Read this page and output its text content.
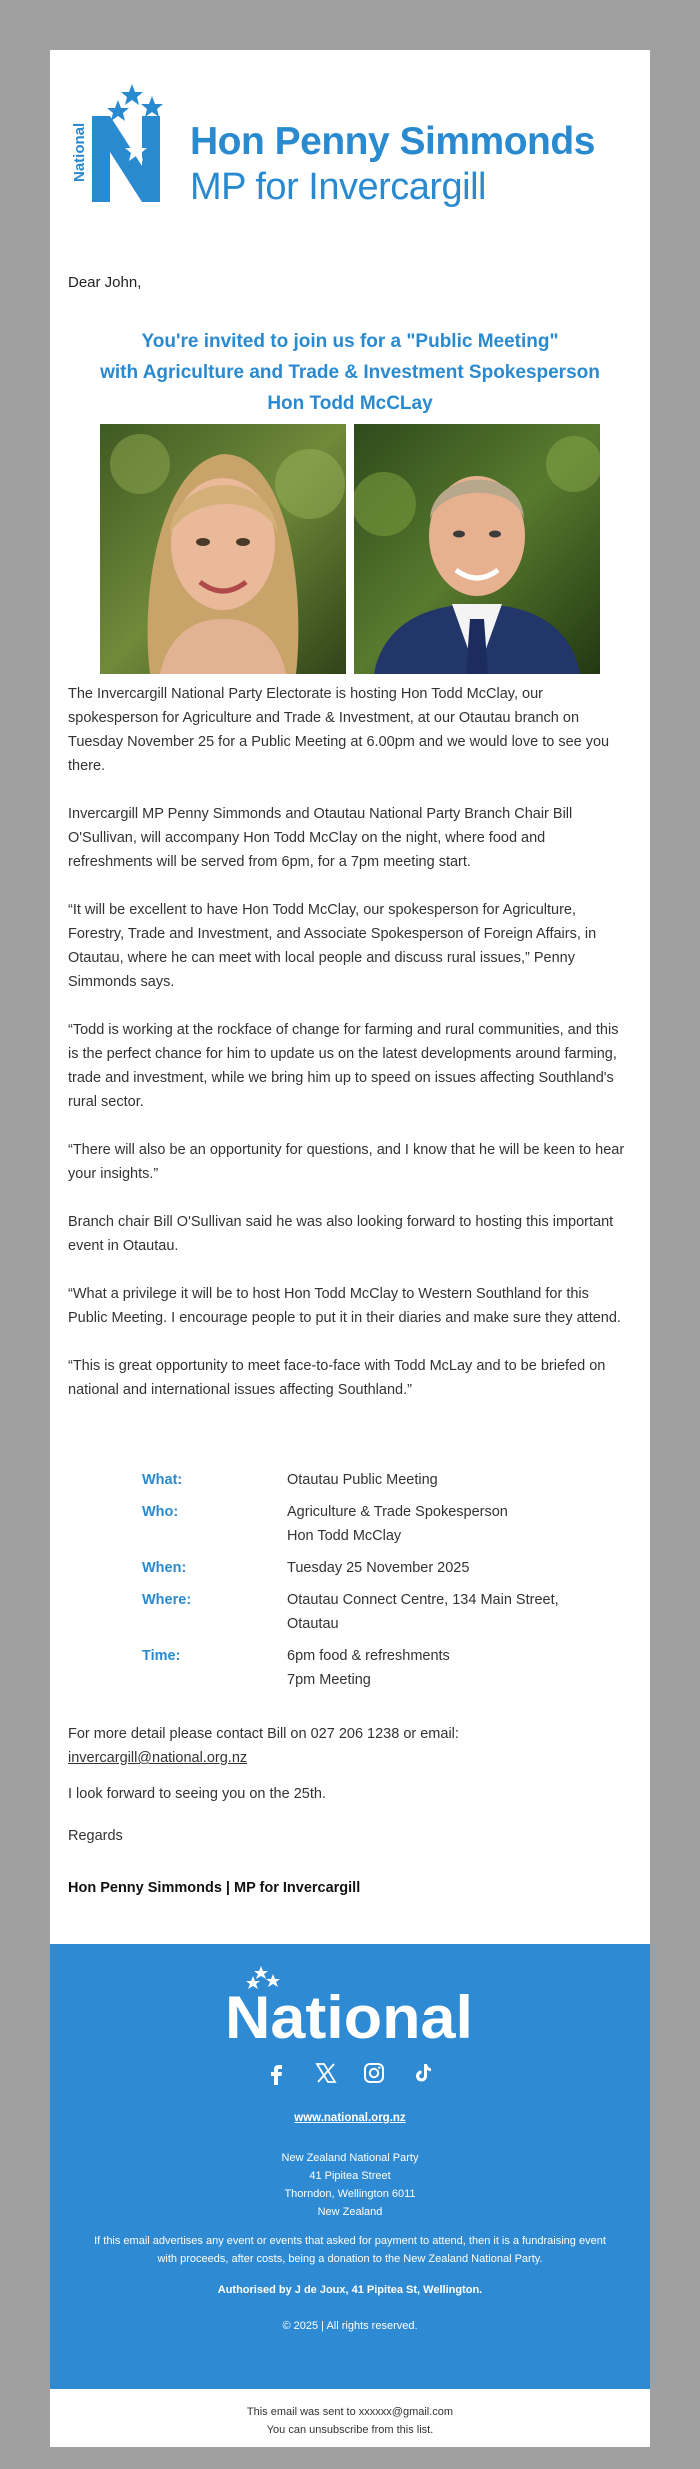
National	Hon Penny Simmonds
MP for Invercargill
Dear John,
You're invited to join us for a "Public Meeting"
with Agriculture and Trade & Investment Spokesperson
Hon Todd McCLay

The Invercargill National Party Electorate is hosting Hon Todd McClay, our spokesperson for Agriculture and Trade & Investment, at our Otautau branch on Tuesday November 25 for a Public Meeting at 6.00pm and we would love to see you there.

Invercargill MP Penny Simmonds and Otautau National Party Branch Chair Bill O'Sullivan, will accompany Hon Todd McClay on the night, where food and refreshments will be served from 6pm, for a 7pm meeting start.

“It will be excellent to have Hon Todd McClay, our spokesperson for Agriculture, Forestry, Trade and Investment, and Associate Spokesperson of Foreign Affairs, in Otautau, where he can meet with local people and discuss rural issues,” Penny Simmonds says.

“Todd is working at the rockface of change for farming and rural communities, and this is the perfect chance for him to update us on the latest developments around farming, trade and investment, while we bring him up to speed on issues affecting Southland's rural sector.

“There will also be an opportunity for questions, and I know that he will be keen to hear your insights.”

Branch chair Bill O'Sullivan said he was also looking forward to hosting this important event in Otautau.

“What a privilege it will be to host Hon Todd McClay to Western Southland for this Public Meeting. I encourage people to put it in their diaries and make sure they attend.

“This is great opportunity to meet face-to-face with Todd McLay and to be briefed on national and international issues affecting Southland.”

What:	Otautau Public Meeting
Who:	Agriculture & Trade Spokesperson
Hon Todd McClay
When:	Tuesday 25 November 2025
Where:	Otautau Connect Centre, 134 Main Street,
Otautau
Time:	6pm food & refreshments
7pm Meeting
For more detail please contact Bill on 027 206 1238 or email:
invercargill@national.org.nz
I look forward to seeing you on the 25th.
Regards
Hon Penny Simmonds | MP for Invercargill
National

www.national.org.nz
New Zealand National Party
41 Pipitea Street
Thorndon, Wellington 6011
New Zealand
If this email advertises any event or events that asked for payment to attend, then it is a fundraising event with proceeds, after costs, being a donation to the New Zealand National Party.
Authorised by J de Joux, 41 Pipitea St, Wellington.
© 2025 | All rights reserved.
This email was sent to xxxxxx@gmail.com
You can unsubscribe from this list.
